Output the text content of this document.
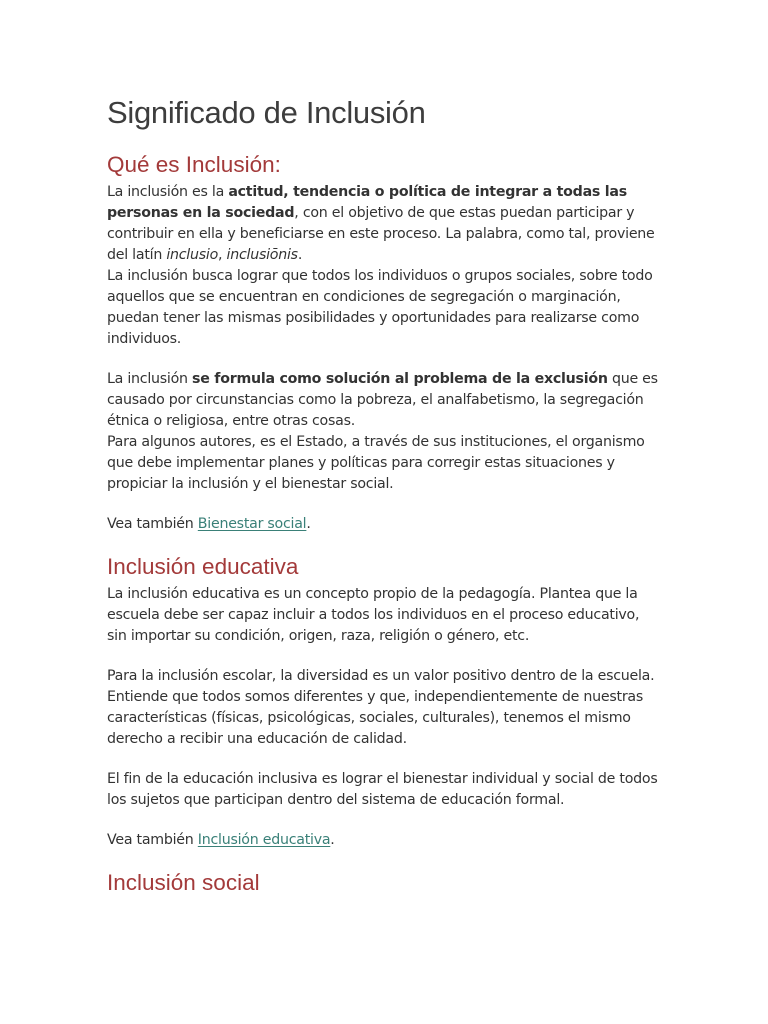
Significado de Inclusión
Qué es Inclusión:

La inclusión es la actitud, tendencia o política de integrar a todas las personas en la sociedad, con el objetivo de que estas puedan participar y contribuir en ella y beneficiarse en este proceso. La palabra, como tal, proviene del latín inclusio, inclusiōnis.

La inclusión busca lograr que todos los individuos o grupos sociales, sobre todo aquellos que se encuentran en condiciones de segregación o marginación, puedan tener las mismas posibilidades y oportunidades para realizarse como individuos.

La inclusión se formula como solución al problema de la exclusión que es causado por circunstancias como la pobreza, el analfabetismo, la segregación étnica o religiosa, entre otras cosas.

Para algunos autores, es el Estado, a través de sus instituciones, el organismo que debe implementar planes y políticas para corregir estas situaciones y propiciar la inclusión y el bienestar social.

Vea también Bienestar social.

Inclusión educativa

La inclusión educativa es un concepto propio de la pedagogía. Plantea que la escuela debe ser capaz incluir a todos los individuos en el proceso educativo, sin importar su condición, origen, raza, religión o género, etc.

Para la inclusión escolar, la diversidad es un valor positivo dentro de la escuela. Entiende que todos somos diferentes y que, independientemente de nuestras características (físicas, psicológicas, sociales, culturales), tenemos el mismo derecho a recibir una educación de calidad.

El fin de la educación inclusiva es lograr el bienestar individual y social de todos los sujetos que participan dentro del sistema de educación formal.

Vea también Inclusión educativa.

Inclusión social
